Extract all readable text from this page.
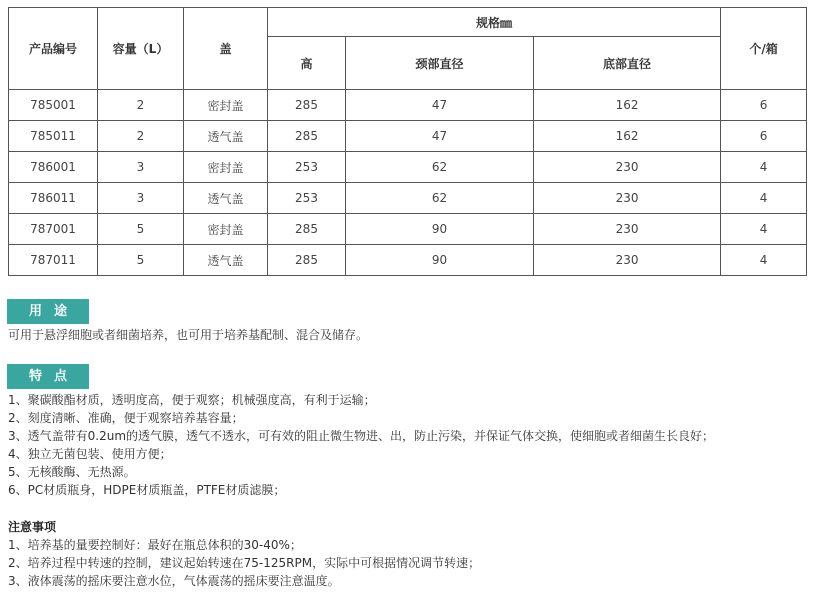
产品编号	容量（L）	盖	规格㎜			个/箱
			高	颈部直径	底部直径	
785001	2	密封盖	285	47	162	6
785011	2	透气盖	285	47	162	6
786001	3	密封盖	253	62	230	4
786011	3	透气盖	253	62	230	4
787001	5	密封盖	285	90	230	4
787011	5	透气盖	285	90	230	4
用途
可用于悬浮细胞或者细菌培养，也可用于培养基配制、混合及储存。
特点
1、聚碳酸酯材质，透明度高，便于观察；机械强度高，有利于运输；
2、刻度清晰、准确，便于观察培养基容量；
3、透气盖带有0.2um的透气膜，透气不透水，可有效的阻止微生物进、出，防止污染，并保证气体交换，使细胞或者细菌生长良好；
4、独立无菌包装、使用方便；
5、无核酸酶、无热源。
6、PC材质瓶身，HDPE材质瓶盖，PTFE材质滤膜；
注意事项
1、培养基的量要控制好：最好在瓶总体积的30-40%；
2、培养过程中转速的控制，建议起始转速在75-125RPM，实际中可根据情况调节转速；
3、液体震荡的摇床要注意水位，气体震荡的摇床要注意温度。
